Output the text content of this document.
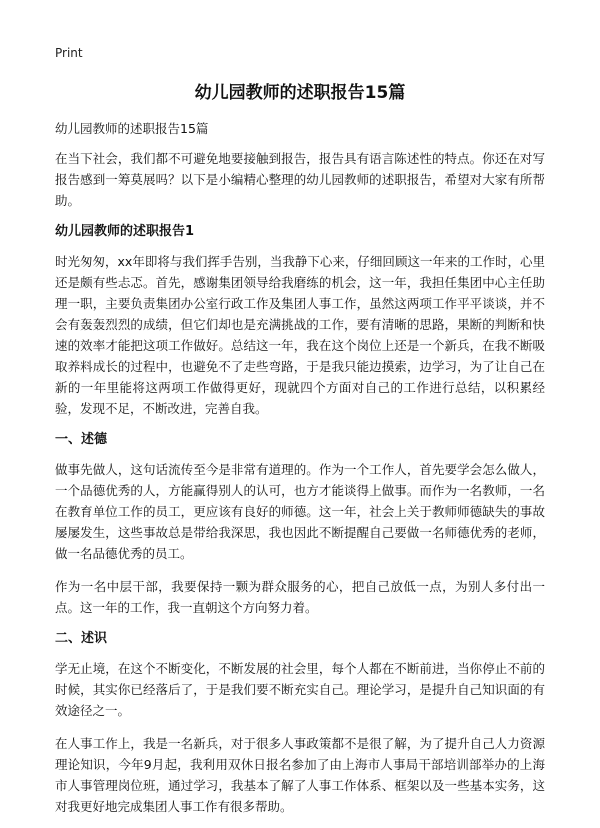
Print
幼儿园教师的述职报告15篇
幼儿园教师的述职报告15篇

在当下社会，我们都不可避免地要接触到报告，报告具有语言陈述性的特点。你还在对写报告感到一筹莫展吗？以下是小编精心整理的幼儿园教师的述职报告，希望对大家有所帮助。

幼儿园教师的述职报告1

时光匆匆，xx年即将与我们挥手告别，当我静下心来，仔细回顾这一年来的工作时，心里还是颇有些忐忑。首先，感谢集团领导给我磨练的机会，这一年，我担任集团中心主任助理一职，主要负责集团办公室行政工作及集团人事工作，虽然这两项工作平平谈谈，并不会有轰轰烈烈的成绩，但它们却也是充满挑战的工作，要有清晰的思路，果断的判断和快速的效率才能把这项工作做好。总结这一年，我在这个岗位上还是一个新兵，在我不断吸取养料成长的过程中，也避免不了走些弯路，于是我只能边摸索，边学习，为了让自己在新的一年里能将这两项工作做得更好，现就四个方面对自己的工作进行总结，以积累经验，发现不足，不断改进，完善自我。

一、述德

做事先做人，这句话流传至今是非常有道理的。作为一个工作人，首先要学会怎么做人，一个品德优秀的人，方能赢得别人的认可，也方才能谈得上做事。而作为一名教师，一名在教育单位工作的员工，更应该有良好的师德。这一年，社会上关于教师师德缺失的事故屡屡发生，这些事故总是带给我深思，我也因此不断提醒自己要做一名师德优秀的老师，做一名品德优秀的员工。

作为一名中层干部，我要保持一颗为群众服务的心，把自己放低一点，为别人多付出一点。这一年的工作，我一直朝这个方向努力着。

二、述识

学无止境，在这个不断变化，不断发展的社会里，每个人都在不断前进，当你停止不前的时候，其实你已经落后了，于是我们要不断充实自己。理论学习，是提升自己知识面的有效途径之一。

在人事工作上，我是一名新兵，对于很多人事政策都不是很了解，为了提升自己人力资源理论知识，今年9月起，我利用双休日报名参加了由上海市人事局干部培训部举办的上海市人事管理岗位班，通过学习，我基本了解了人事工作体系、框架以及一些基本实务，这对我更好地完成集团人事工作有很多帮助。
